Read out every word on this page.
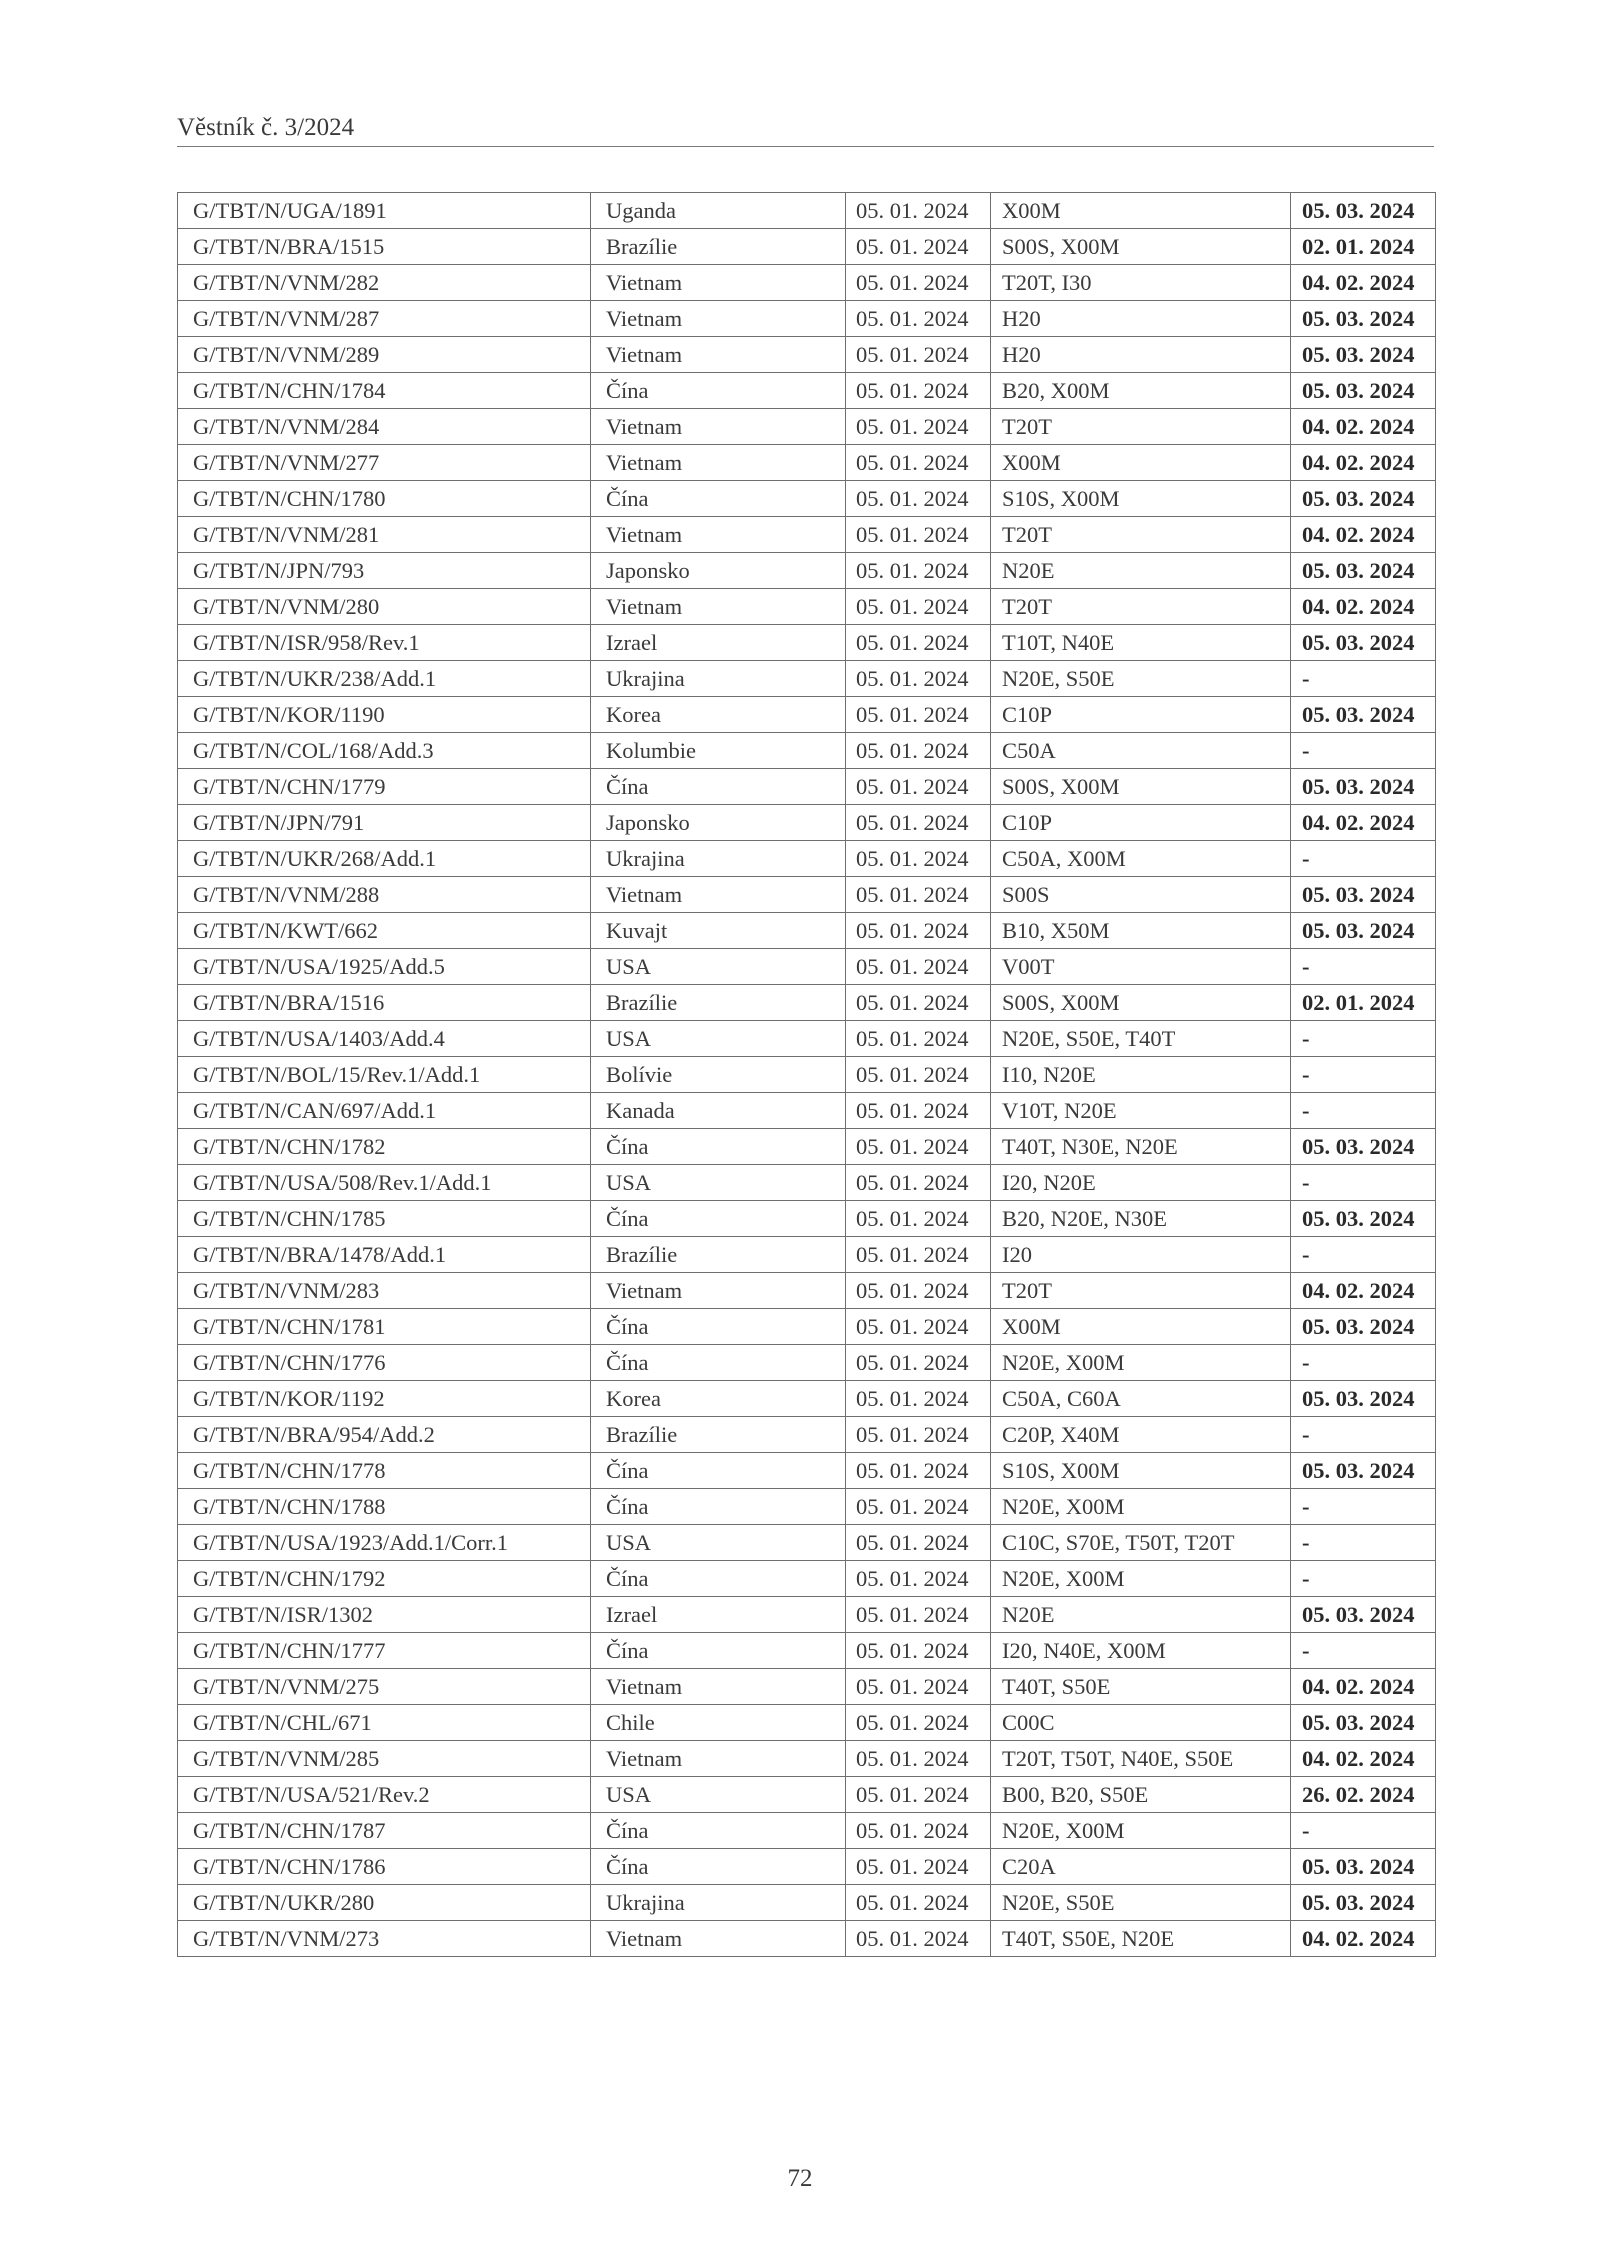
Věstník č. 3/2024
G/TBT/N/UGA/1891	Uganda	05. 01. 2024	X00M	05. 03. 2024
G/TBT/N/BRA/1515	Brazílie	05. 01. 2024	S00S, X00M	02. 01. 2024
G/TBT/N/VNM/282	Vietnam	05. 01. 2024	T20T, I30	04. 02. 2024
G/TBT/N/VNM/287	Vietnam	05. 01. 2024	H20	05. 03. 2024
G/TBT/N/VNM/289	Vietnam	05. 01. 2024	H20	05. 03. 2024
G/TBT/N/CHN/1784	Čína	05. 01. 2024	B20, X00M	05. 03. 2024
G/TBT/N/VNM/284	Vietnam	05. 01. 2024	T20T	04. 02. 2024
G/TBT/N/VNM/277	Vietnam	05. 01. 2024	X00M	04. 02. 2024
G/TBT/N/CHN/1780	Čína	05. 01. 2024	S10S, X00M	05. 03. 2024
G/TBT/N/VNM/281	Vietnam	05. 01. 2024	T20T	04. 02. 2024
G/TBT/N/JPN/793	Japonsko	05. 01. 2024	N20E	05. 03. 2024
G/TBT/N/VNM/280	Vietnam	05. 01. 2024	T20T	04. 02. 2024
G/TBT/N/ISR/958/Rev.1	Izrael	05. 01. 2024	T10T, N40E	05. 03. 2024
G/TBT/N/UKR/238/Add.1	Ukrajina	05. 01. 2024	N20E, S50E	-
G/TBT/N/KOR/1190	Korea	05. 01. 2024	C10P	05. 03. 2024
G/TBT/N/COL/168/Add.3	Kolumbie	05. 01. 2024	C50A	-
G/TBT/N/CHN/1779	Čína	05. 01. 2024	S00S, X00M	05. 03. 2024
G/TBT/N/JPN/791	Japonsko	05. 01. 2024	C10P	04. 02. 2024
G/TBT/N/UKR/268/Add.1	Ukrajina	05. 01. 2024	C50A, X00M	-
G/TBT/N/VNM/288	Vietnam	05. 01. 2024	S00S	05. 03. 2024
G/TBT/N/KWT/662	Kuvajt	05. 01. 2024	B10, X50M	05. 03. 2024
G/TBT/N/USA/1925/Add.5	USA	05. 01. 2024	V00T	-
G/TBT/N/BRA/1516	Brazílie	05. 01. 2024	S00S, X00M	02. 01. 2024
G/TBT/N/USA/1403/Add.4	USA	05. 01. 2024	N20E, S50E, T40T	-
G/TBT/N/BOL/15/Rev.1/Add.1	Bolívie	05. 01. 2024	I10, N20E	-
G/TBT/N/CAN/697/Add.1	Kanada	05. 01. 2024	V10T, N20E	-
G/TBT/N/CHN/1782	Čína	05. 01. 2024	T40T, N30E, N20E	05. 03. 2024
G/TBT/N/USA/508/Rev.1/Add.1	USA	05. 01. 2024	I20, N20E	-
G/TBT/N/CHN/1785	Čína	05. 01. 2024	B20, N20E, N30E	05. 03. 2024
G/TBT/N/BRA/1478/Add.1	Brazílie	05. 01. 2024	I20	-
G/TBT/N/VNM/283	Vietnam	05. 01. 2024	T20T	04. 02. 2024
G/TBT/N/CHN/1781	Čína	05. 01. 2024	X00M	05. 03. 2024
G/TBT/N/CHN/1776	Čína	05. 01. 2024	N20E, X00M	-
G/TBT/N/KOR/1192	Korea	05. 01. 2024	C50A, C60A	05. 03. 2024
G/TBT/N/BRA/954/Add.2	Brazílie	05. 01. 2024	C20P, X40M	-
G/TBT/N/CHN/1778	Čína	05. 01. 2024	S10S, X00M	05. 03. 2024
G/TBT/N/CHN/1788	Čína	05. 01. 2024	N20E, X00M	-
G/TBT/N/USA/1923/Add.1/Corr.1	USA	05. 01. 2024	C10C, S70E, T50T, T20T	-
G/TBT/N/CHN/1792	Čína	05. 01. 2024	N20E, X00M	-
G/TBT/N/ISR/1302	Izrael	05. 01. 2024	N20E	05. 03. 2024
G/TBT/N/CHN/1777	Čína	05. 01. 2024	I20, N40E, X00M	-
G/TBT/N/VNM/275	Vietnam	05. 01. 2024	T40T, S50E	04. 02. 2024
G/TBT/N/CHL/671	Chile	05. 01. 2024	C00C	05. 03. 2024
G/TBT/N/VNM/285	Vietnam	05. 01. 2024	T20T, T50T, N40E, S50E	04. 02. 2024
G/TBT/N/USA/521/Rev.2	USA	05. 01. 2024	B00, B20, S50E	26. 02. 2024
G/TBT/N/CHN/1787	Čína	05. 01. 2024	N20E, X00M	-
G/TBT/N/CHN/1786	Čína	05. 01. 2024	C20A	05. 03. 2024
G/TBT/N/UKR/280	Ukrajina	05. 01. 2024	N20E, S50E	05. 03. 2024
G/TBT/N/VNM/273	Vietnam	05. 01. 2024	T40T, S50E, N20E	04. 02. 2024
72
